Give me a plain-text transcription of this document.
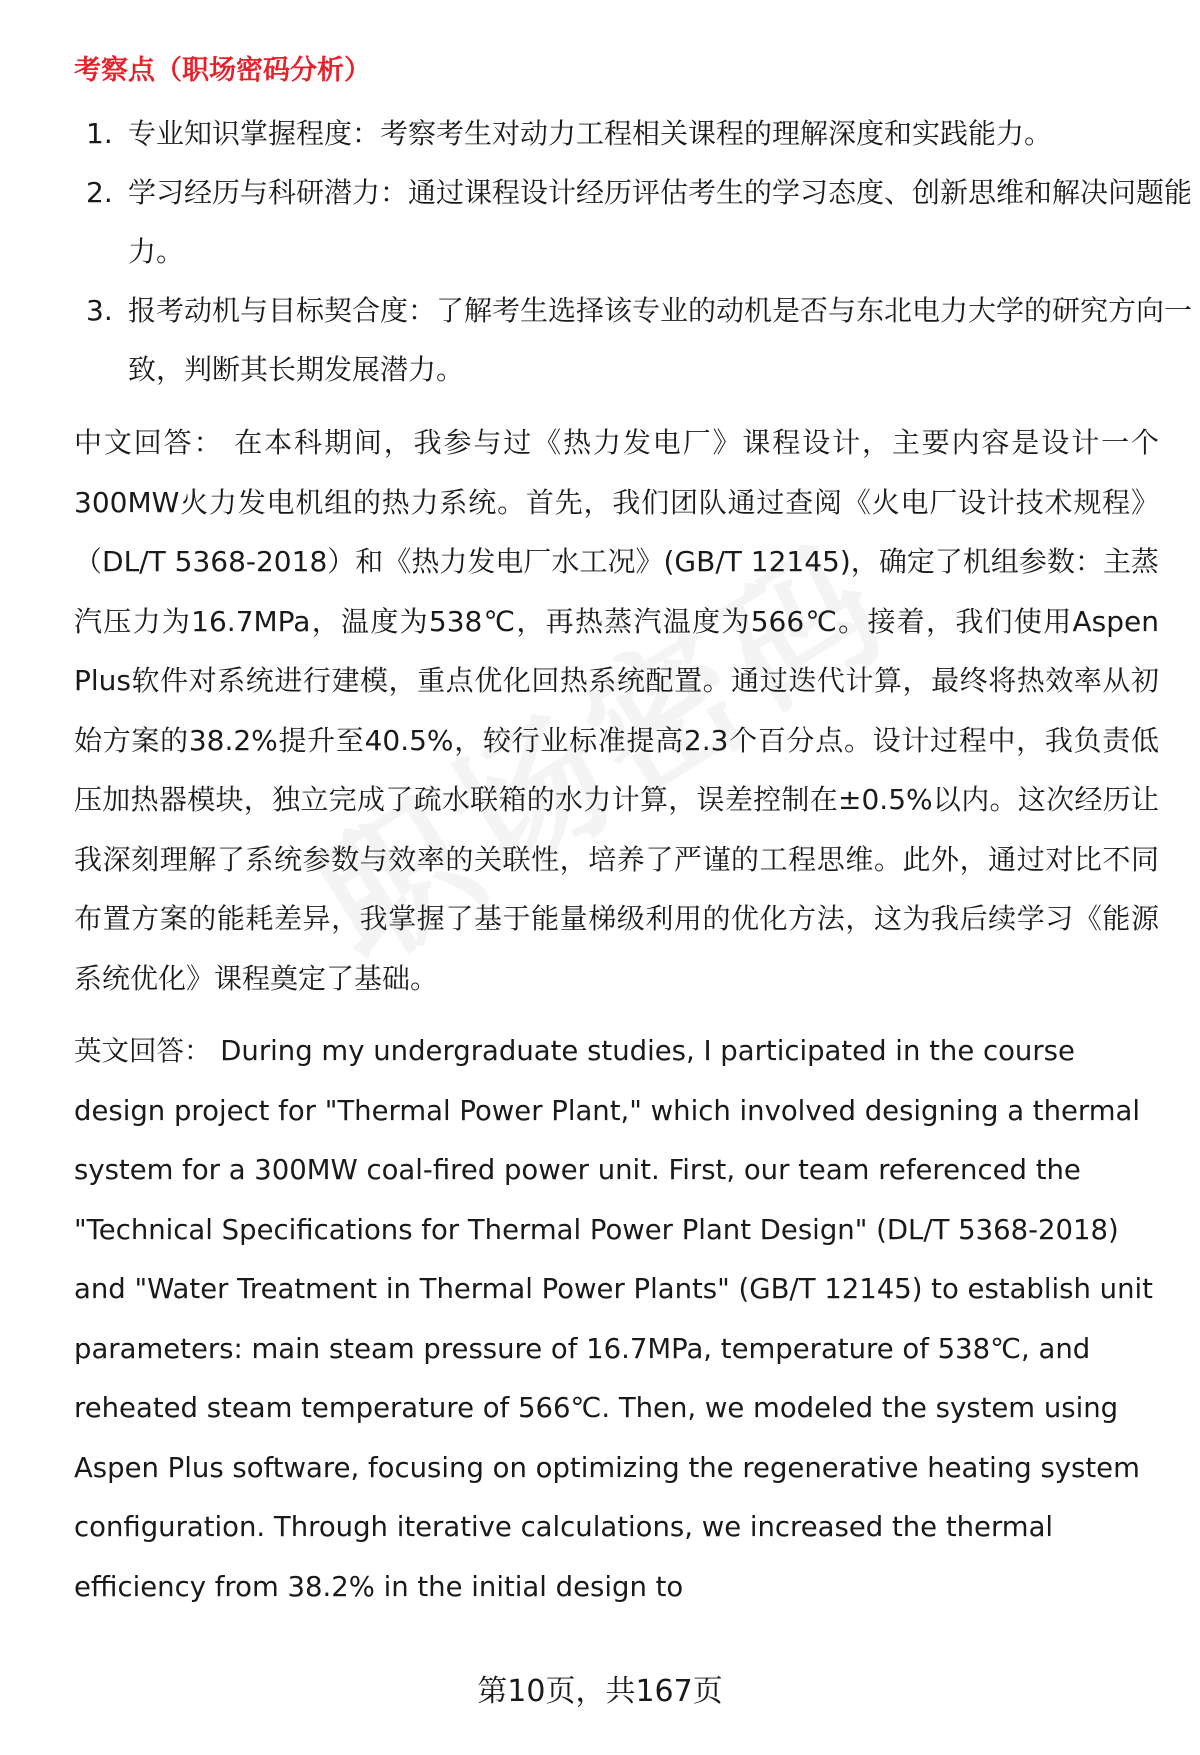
考察点（职场密码分析）
1. 专业知识掌握程度：考察考生对动力工程相关课程的理解深度和实践能力。
2. 学习经历与科研潜力：通过课程设计经历评估考生的学习态度、创新思维和解决问题能力。
3. 报考动机与目标契合度：了解考生选择该专业的动机是否与东北电力大学的研究方向一致，判断其长期发展潜力。

中文回答： 在本科期间，我参与过《热力发电厂》课程设计，主要内容是设计一个300MW火力发电机组的热力系统。首先，我们团队通过查阅《火电厂设计技术规程》（DL/T 5368-2018）和《热力发电厂水工况》(GB/T 12145)，确定了机组参数：主蒸汽压力为16.7MPa，温度为538℃，再热蒸汽温度为566℃。接着，我们使用Aspen Plus软件对系统进行建模，重点优化回热系统配置。通过迭代计算，最终将热效率从初始方案的38.2%提升至40.5%，较行业标准提高2.3个百分点。设计过程中，我负责低压加热器模块，独立完成了疏水联箱的水力计算，误差控制在±0.5%以内。这次经历让我深刻理解了系统参数与效率的关联性，培养了严谨的工程思维。此外，通过对比不同布置方案的能耗差异，我掌握了基于能量梯级利用的优化方法，这为我后续学习《能源系统优化》课程奠定了基础。

英文回答： During my undergraduate studies, I participated in the course design project for "Thermal Power Plant," which involved designing a thermal system for a 300MW coal-fired power unit. First, our team referenced the "Technical Specifications for Thermal Power Plant Design" (DL/T 5368-2018) and "Water Treatment in Thermal Power Plants" (GB/T 12145) to establish unit parameters: main steam pressure of 16.7MPa, temperature of 538℃, and reheated steam temperature of 566℃. Then, we modeled the system using Aspen Plus software, focusing on optimizing the regenerative heating system configuration. Through iterative calculations, we increased the thermal efficiency from 38.2% in the initial design to

第10页，共167页
